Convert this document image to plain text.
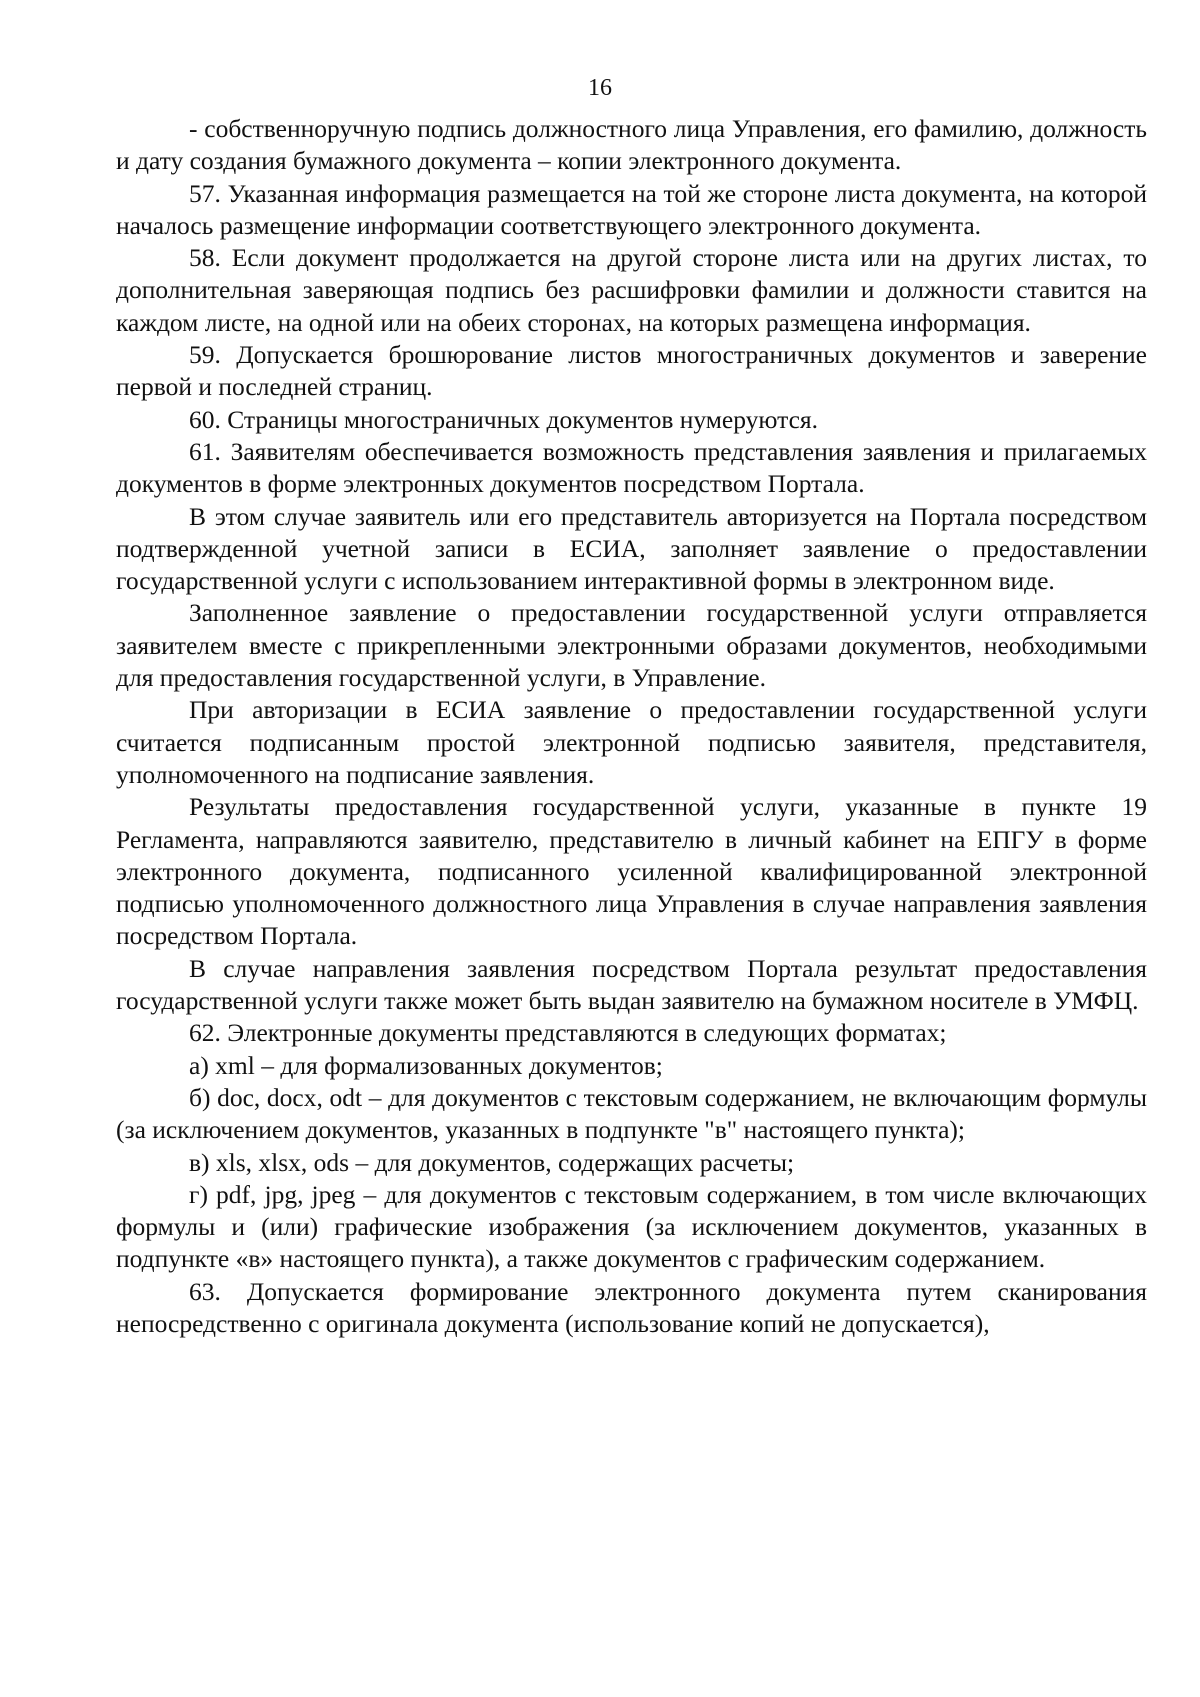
16

- собственноручную подпись должностного лица Управления, его фамилию, должность и дату создания бумажного документа – копии электронного документа.

57. Указанная информация размещается на той же стороне листа документа, на которой началось размещение информации соответствующего электронного документа.

58. Если документ продолжается на другой стороне листа или на других листах, то дополнительная заверяющая подпись без расшифровки фамилии и должности ставится на каждом листе, на одной или на обеих сторонах, на которых размещена информация.

59. Допускается брошюрование листов многостраничных документов и заверение первой и последней страниц.

60. Страницы многостраничных документов нумеруются.

61. Заявителям обеспечивается возможность представления заявления и прилагаемых документов в форме электронных документов посредством Портала.

В этом случае заявитель или его представитель авторизуется на Портала посредством подтвержденной учетной записи в ЕСИА, заполняет заявление о предоставлении государственной услуги с использованием интерактивной формы в электронном виде.

Заполненное заявление о предоставлении государственной услуги отправляется заявителем вместе с прикрепленными электронными образами документов, необходимыми для предоставления государственной услуги, в Управление.

При авторизации в ЕСИА заявление о предоставлении государственной услуги считается подписанным простой электронной подписью заявителя, представителя, уполномоченного на подписание заявления.

Результаты предоставления государственной услуги, указанные в пункте 19 Регламента, направляются заявителю, представителю в личный кабинет на ЕПГУ в форме электронного документа, подписанного усиленной квалифицированной электронной подписью уполномоченного должностного лица Управления в случае направления заявления посредством Портала.

В случае направления заявления посредством Портала результат предоставления государственной услуги также может быть выдан заявителю на бумажном носителе в УМФЦ.

62. Электронные документы представляются в следующих форматах;

а) xml – для формализованных документов;

б) doc, docx, odt – для документов с текстовым содержанием, не включающим формулы (за исключением документов, указанных в подпункте "в" настоящего пункта);

в) xls, xlsx, ods – для документов, содержащих расчеты;

г) pdf, jpg, jpeg – для документов с текстовым содержанием, в том числе включающих формулы и (или) графические изображения (за исключением документов, указанных в подпункте «в» настоящего пункта), а также документов с графическим содержанием.

63. Допускается формирование электронного документа путем сканирования непосредственно с оригинала документа (использование копий не допускается),
